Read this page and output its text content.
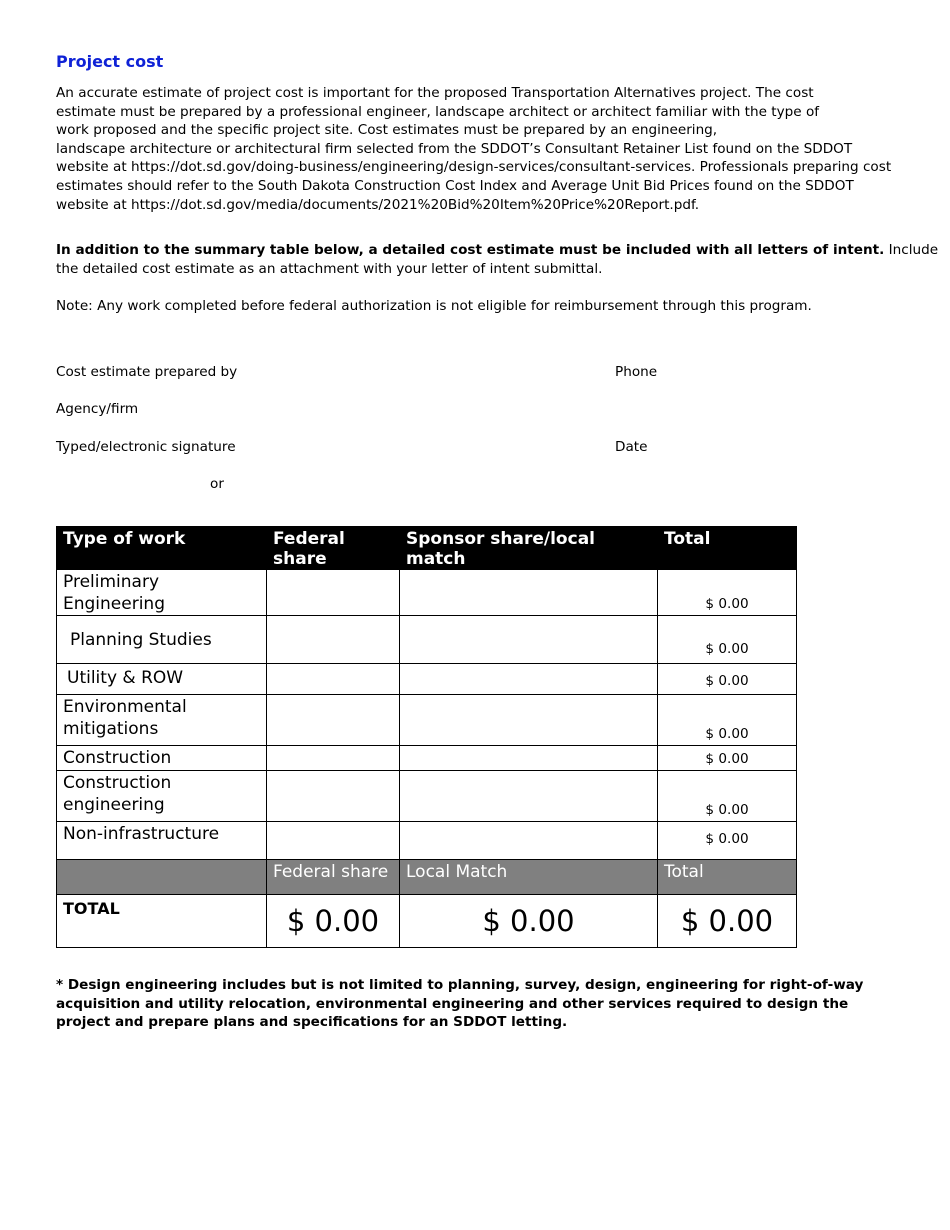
Project cost

An accurate estimate of project cost is important for the proposed Transportation Alternatives project. The cost
estimate must be prepared by a professional engineer, landscape architect or architect familiar with the type of
work proposed and the specific project site. Cost estimates must be prepared by an engineering,
landscape architecture or architectural firm selected from the SDDOT’s Consultant Retainer List found on the SDDOT
website at https://dot.sd.gov/doing-business/engineering/design-services/consultant-services. Professionals preparing cost
estimates should refer to the South Dakota Construction Cost Index and Average Unit Bid Prices found on the SDDOT
website at https://dot.sd.gov/media/documents/2021%20Bid%20Item%20Price%20Report.pdf.

In addition to the summary table below, a detailed cost estimate must be included with all letters of intent. Include
the detailed cost estimate as an attachment with your letter of intent submittal.

Note: Any work completed before federal authorization is not eligible for reimbursement through this program.

Cost estimate prepared by	Phone

Agency/firm

Typed/electronic signature	Date

or

Type of work	Federal share	Sponsor share/local match	Total
Preliminary Engineering			$ 0.00
Planning Studies			$ 0.00
Utility & ROW			$ 0.00
Environmental mitigations			$ 0.00
Construction			$ 0.00
Construction engineering			$ 0.00
Non-infrastructure			$ 0.00
	Federal share	Local Match	Total
TOTAL	$ 0.00	$ 0.00	$ 0.00

* Design engineering includes but is not limited to planning, survey, design, engineering for right-of-way
acquisition and utility relocation, environmental engineering and other services required to design the
project and prepare plans and specifications for an SDDOT letting.
